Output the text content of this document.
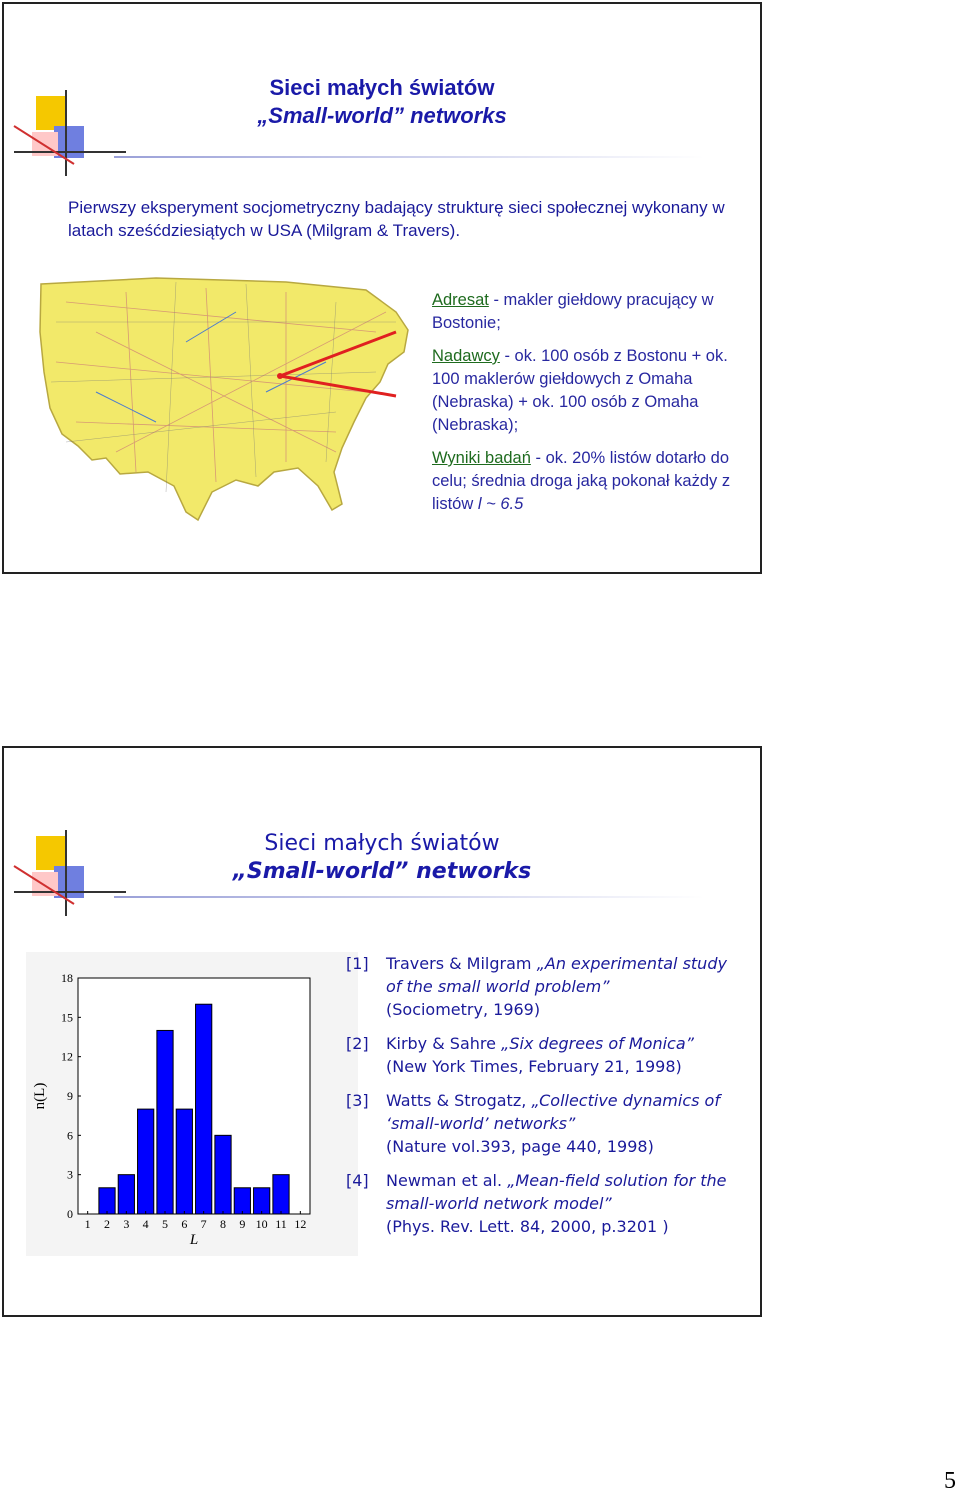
Sieci małych światów
„Small-world” networks
Pierwszy eksperyment socjometryczny badający strukturę sieci społecznej wykonany w latach sześćdziesiątych w USA (Milgram & Travers).

Adresat - makler giełdowy pracujący w Bostonie;

Nadawcy - ok. 100 osób z Bostonu + ok. 100 maklerów giełdowych z Omaha (Nebraska) + ok. 100 osób z Omaha (Nebraska);

Wyniki badań - ok. 20% listów dotarło do celu; średnia droga jaką pokonał każdy z listów l ~ 6.5

Sieci małych światów
„Small-world” networks
0
3
6
9
12
15
18
1 2 3 4 5 6 7 8 9 10 11 12
L
n(L)
[1]	Travers & Milgram „An experimental study of the small world problem”
(Sociometry, 1969)
[2]	Kirby & Sahre „Six degrees of Monica”
(New York Times, February 21, 1998)
[3]	Watts & Strogatz, „Collective dynamics of ‘small-world’ networks”
(Nature vol.393, page 440, 1998)
[4]	Newman et al. „Mean-field solution for the small-world network model”
(Phys. Rev. Lett. 84, 2000, p.3201 )
5
